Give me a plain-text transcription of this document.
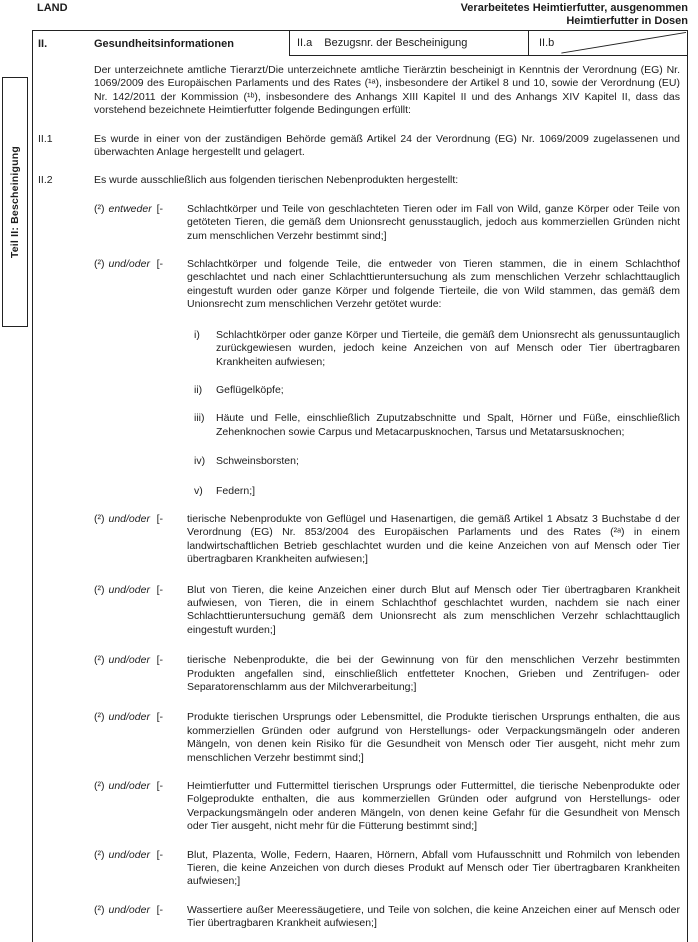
LAND	Verarbeitetes Heimtierfutter, ausgenommen
Heimtierfutter in Dosen
Teil II: Bescheinigung
II.	Gesundheitsinformationen	II.a Bezugsnr. der Bescheinigung	II.b
Der unterzeichnete amtliche Tierarzt/Die unterzeichnete amtliche Tierärztin bescheinigt in Kenntnis der Verordnung (EG) Nr. 1069/2009 des Europäischen Parlaments und des Rates (¹ᵃ), insbesondere der Artikel 8 und 10, sowie der Verordnung (EU) Nr. 142/2011 der Kommission (¹ᵇ), insbesondere des Anhangs XIII Kapitel II und des Anhangs XIV Kapitel II, dass das vorstehend bezeichnete Heimtierfutter folgende Bedingungen erfüllt:
II.1	Es wurde in einer von der zuständigen Behörde gemäß Artikel 24 der Verordnung (EG) Nr. 1069/2009 zugelassenen und überwachten Anlage hergestellt und gelagert.
II.2	Es wurde ausschließlich aus folgenden tierischen Nebenprodukten hergestellt:
(²) entweder [- Schlachtkörper und Teile von geschlachteten Tieren oder im Fall von Wild, ganze Körper oder Teile von getöteten Tieren, die gemäß dem Unionsrecht genusstauglich, jedoch aus kommerziellen Gründen nicht zum menschlichen Verzehr bestimmt sind;]
(²) und/oder [- Schlachtkörper und folgende Teile, die entweder von Tieren stammen, die in einem Schlachthof geschlachtet und nach einer Schlachttieruntersuchung als zum menschlichen Verzehr schlachttauglich eingestuft wurden oder ganze Körper und folgende Tierteile, die von Wild stammen, das gemäß dem Unionsrecht zum menschlichen Verzehr getötet wurde:
i)	Schlachtkörper oder ganze Körper und Tierteile, die gemäß dem Unionsrecht als genussuntauglich zurückgewiesen wurden, jedoch keine Anzeichen von auf Mensch oder Tier übertragbaren Krankheiten aufwiesen;
ii)	Geflügelköpfe;
iii)	Häute und Felle, einschließlich Zuputzabschnitte und Spalt, Hörner und Füße, einschließlich Zehenknochen sowie Carpus und Metacarpusknochen, Tarsus und Metatarsusknochen;
iv)	Schweinsborsten;
v)	Federn;]
(²) und/oder [- tierische Nebenprodukte von Geflügel und Hasenartigen, die gemäß Artikel 1 Absatz 3 Buchstabe d der Verordnung (EG) Nr. 853/2004 des Europäischen Parlaments und des Rates (²ᵃ) in einem landwirtschaftlichen Betrieb geschlachtet wurden und die keine Anzeichen von auf Mensch oder Tier übertragbaren Krankheiten aufwiesen;]
(²) und/oder [- Blut von Tieren, die keine Anzeichen einer durch Blut auf Mensch oder Tier übertragbaren Krankheit aufwiesen, von Tieren, die in einem Schlachthof geschlachtet wurden, nachdem sie nach einer Schlachttieruntersuchung gemäß dem Unionsrecht als zum menschlichen Verzehr schlachttauglich eingestuft wurden;]
(²) und/oder [- tierische Nebenprodukte, die bei der Gewinnung von für den menschlichen Verzehr bestimmten Produkten angefallen sind, einschließlich entfetteter Knochen, Grieben und Zentrifugen- oder Separatorenschlamm aus der Milchverarbeitung;]
(²) und/oder [- Produkte tierischen Ursprungs oder Lebensmittel, die Produkte tierischen Ursprungs enthalten, die aus kommerziellen Gründen oder aufgrund von Herstellungs- oder Verpackungsmängeln oder anderen Mängeln, von denen kein Risiko für die Gesundheit von Mensch oder Tier ausgeht, nicht mehr zum menschlichen Verzehr bestimmt sind;]
(²) und/oder [- Heimtierfutter und Futtermittel tierischen Ursprungs oder Futtermittel, die tierische Nebenprodukte oder Folgeprodukte enthalten, die aus kommerziellen Gründen oder aufgrund von Herstellungs- oder Verpackungsmängeln oder anderen Mängeln, von denen keine Gefahr für die Gesundheit von Mensch oder Tier ausgeht, nicht mehr für die Fütterung bestimmt sind;]
(²) und/oder [- Blut, Plazenta, Wolle, Federn, Haaren, Hörnern, Abfall vom Hufausschnitt und Rohmilch von lebenden Tieren, die keine Anzeichen von durch dieses Produkt auf Mensch oder Tier übertragbaren Krankheiten aufwiesen;]
(²) und/oder [- Wassertiere außer Meeressäugetiere, und Teile von solchen, die keine Anzeichen einer auf Mensch oder Tier übertragbaren Krankheit aufwiesen;]
